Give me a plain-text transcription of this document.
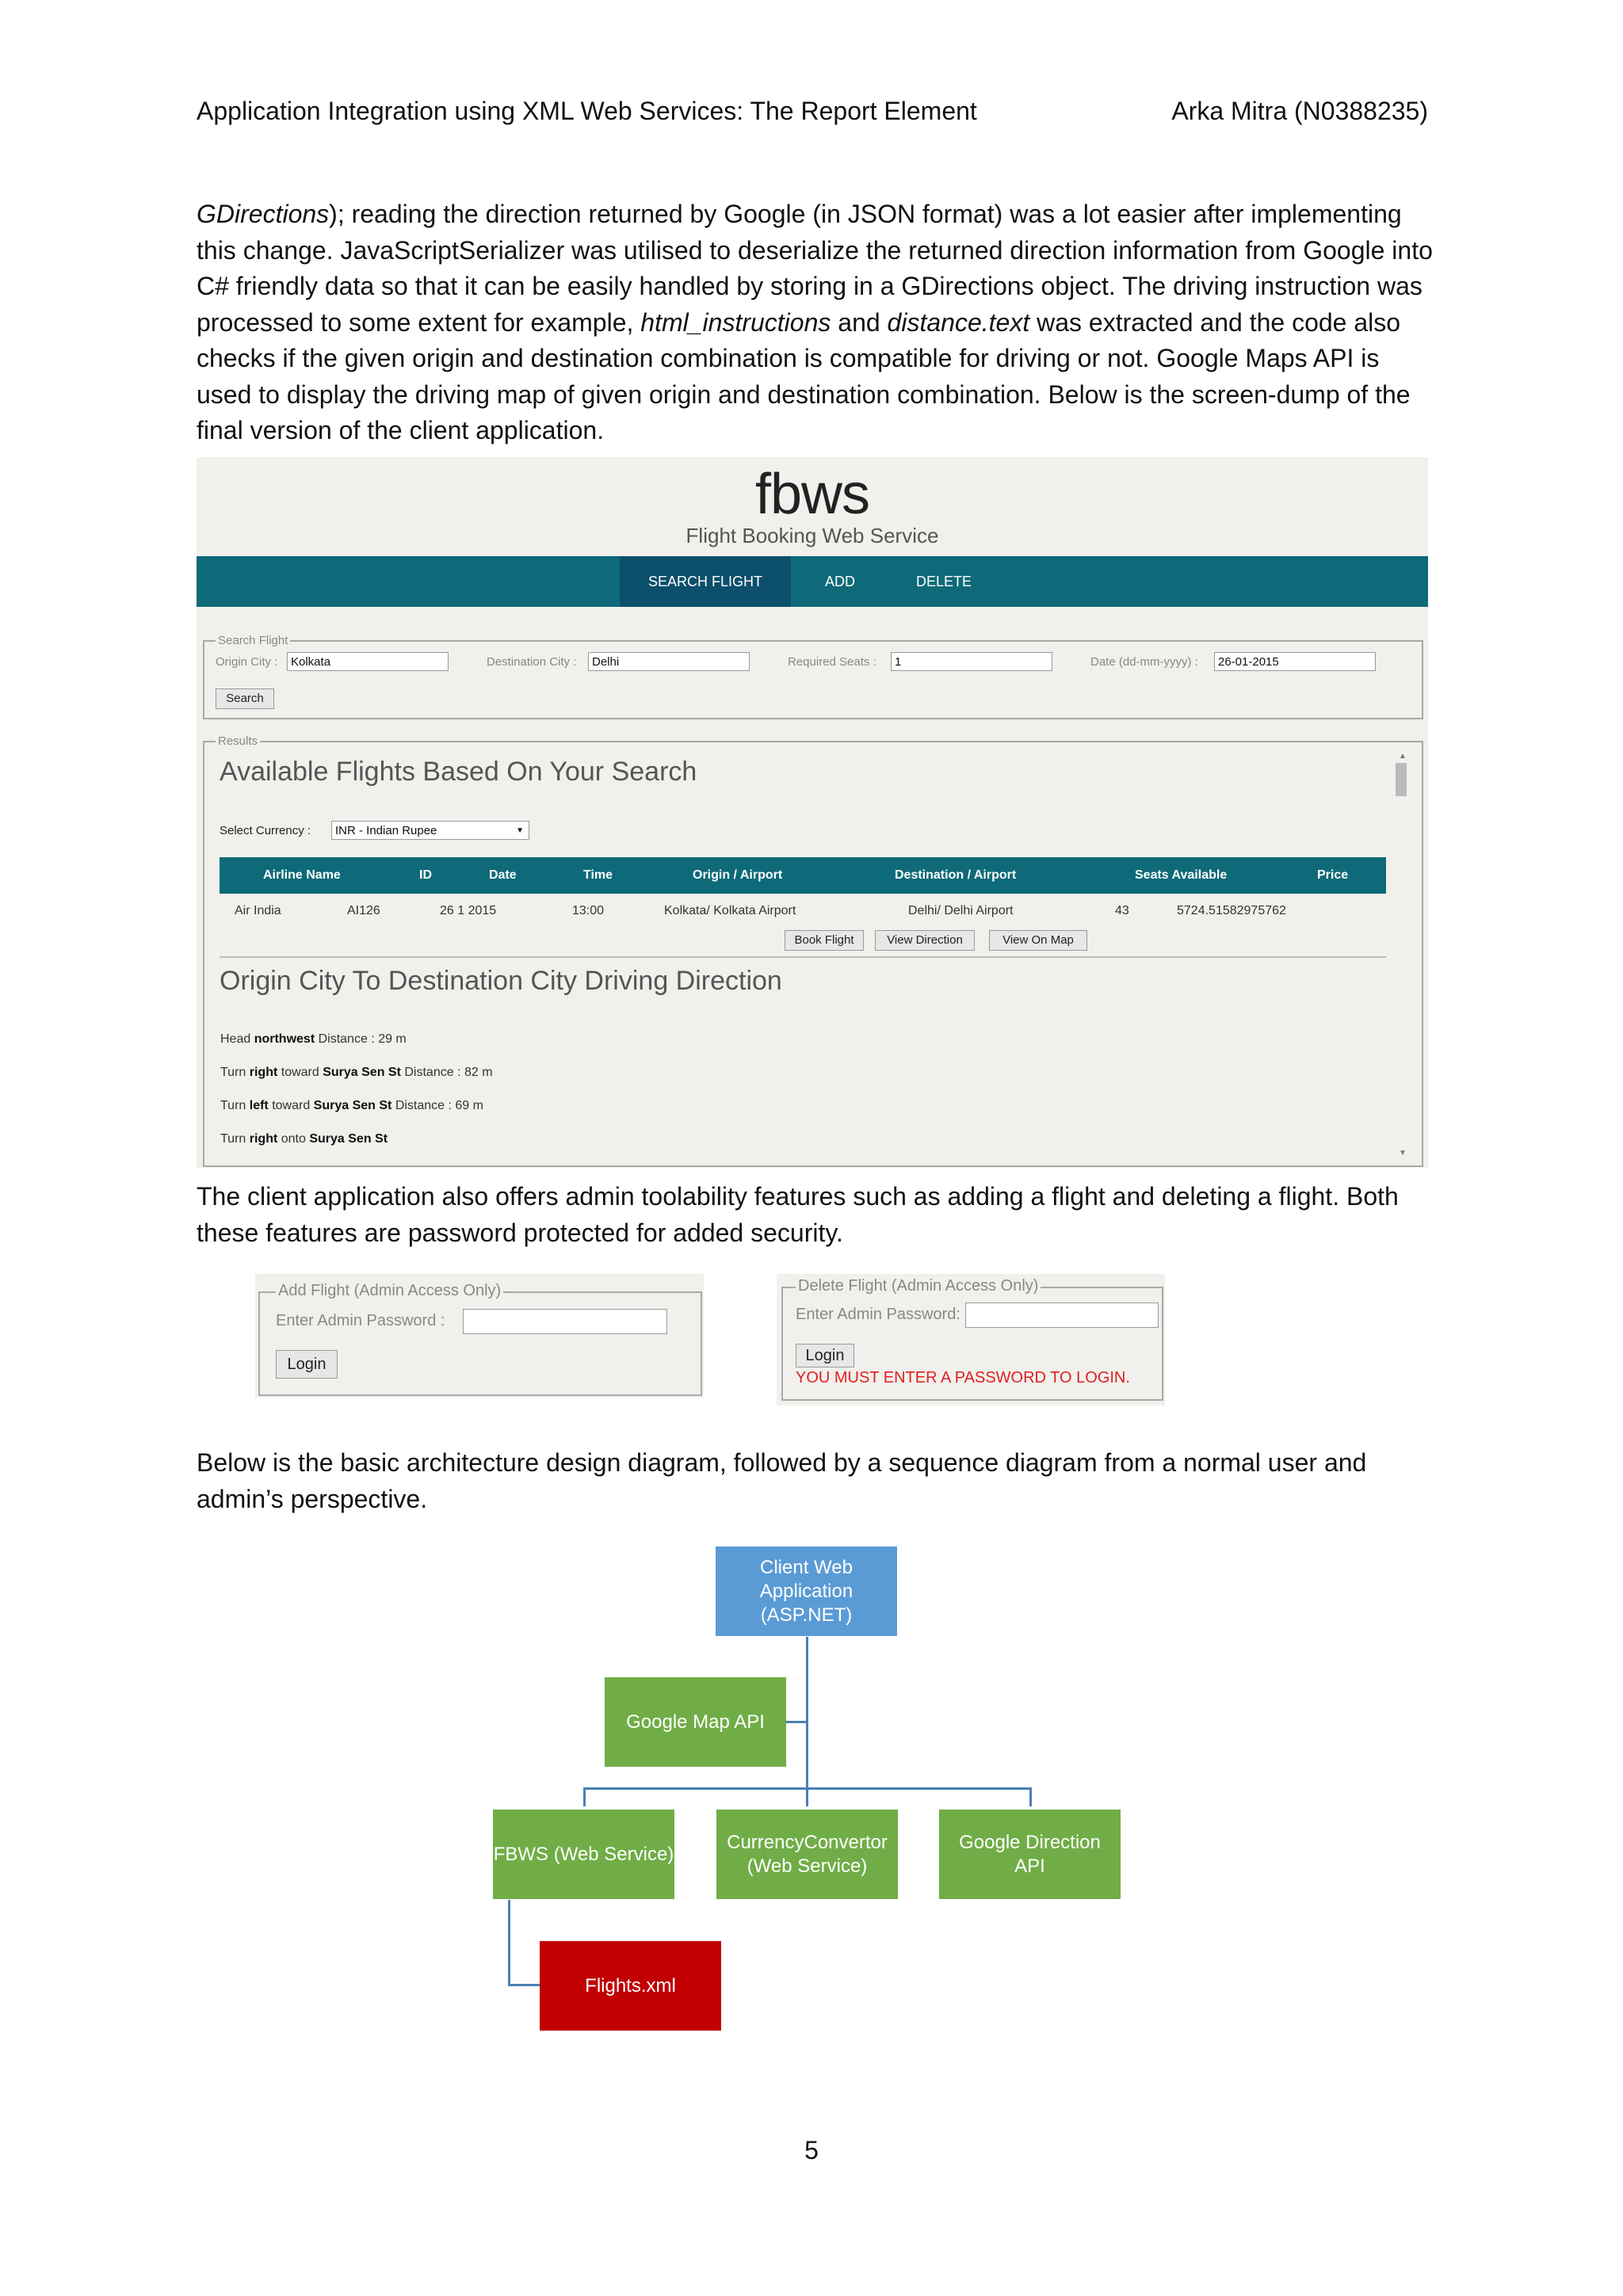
Application Integration using XML Web Services: The Report Element	Arka Mitra (N0388235)
GDirections); reading the direction returned by Google (in JSON format) was a lot easier after implementing
this change. JavaScriptSerializer was utilised to deserialize the returned direction information from Google into
C# friendly data so that it can be easily handled by storing in a GDirections object. The driving instruction was
processed to some extent for example, html_instructions and distance.text was extracted and the code also
checks if the given origin and destination combination is compatible for driving or not. Google Maps API is
used to display the driving map of given origin and destination combination. Below is the screen-dump of the
final version of the client application.
fbws
Flight Booking Web Service
SEARCH FLIGHT	ADD	DELETE
Search Flight
Origin City :	Kolkata	Destination City :	Delhi	Required Seats :	1	Date (dd-mm-yyyy) :	26-01-2015
Search
Results
Available Flights Based On Your Search
▲
▼
Select Currency :	INR - Indian Rupee	▼
Airline Name	ID	Date	Time	Origin / Airport	Destination / Airport	Seats Available	Price
Air India	AI126	26 1 2015	13:00	Kolkata/ Kolkata Airport	Delhi/ Delhi Airport	43	5724.51582975762
Book Flight	View Direction	View On Map
Origin City To Destination City Driving Direction
Head northwest Distance : 29 m
Turn right toward Surya Sen St Distance : 82 m
Turn left toward Surya Sen St Distance : 69 m
Turn right onto Surya Sen St
The client application also offers admin toolability features such as adding a flight and deleting a flight. Both
these features are password protected for added security.
Add Flight (Admin Access Only)
Enter Admin Password :
Login
Delete Flight (Admin Access Only)
Enter Admin Password:
Login
YOU MUST ENTER A PASSWORD TO LOGIN.
Below is the basic architecture design diagram, followed by a sequence diagram from a normal user and
admin’s perspective.
Client Web
Application
(ASP.NET)
Google Map API
FBWS (Web Service)
CurrencyConvertor
(Web Service)
Google Direction
API
Flights.xml
5
